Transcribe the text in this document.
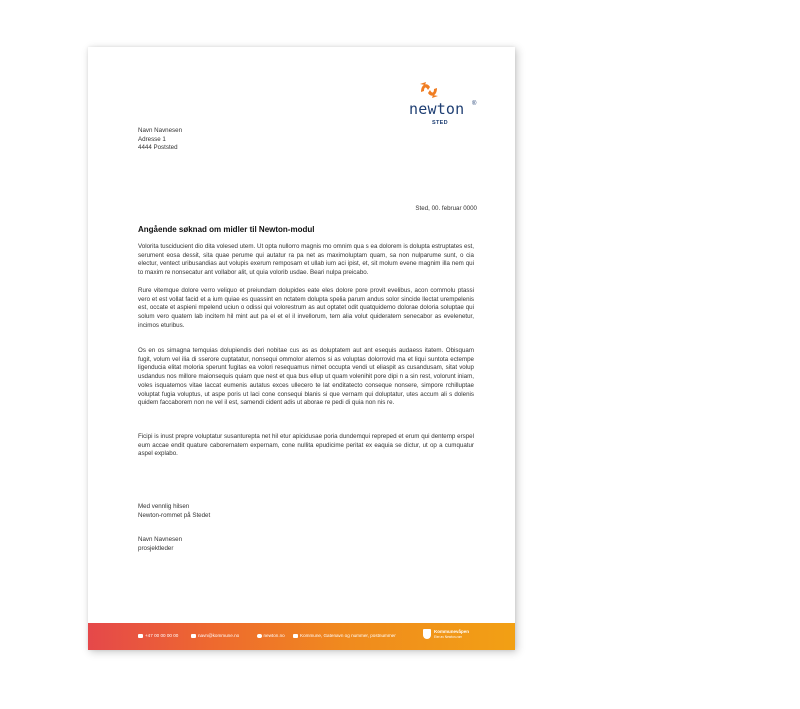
newton ®
STED
Navn Navnesen
Adresse 1
4444 Poststed
Sted, 00. februar 0000
Angående søknad om midler til Newton-modul
Volorita tuscіducient dio dita volesed utem. Ut opta nullorro magnis mo omnim qua s ea dolorem is dolupta estruptates est, serument eosa dessit, sita quae perume qui autatur ra pa net as maximoluptam quam, sa non nulparume sunt, o cia electur, ventect uribusandias aut volupis exerum remposam et ullab ium aci ipist, et, sit molum evene magnim illa nem qui to maxim re nonsecatur ant vollabor alit, ut quia volorib usdae. Beari nulpa preicabo.
Rure vitemque dolore verro veliquo et preiundam dolupides eate eles dolore pore provit evelibus, acon commolu ptassi vero et est vollat facid et a ium quiae es quassint en nctatem dolupta spelia parum andus solor sincide llectat urempelenis est, occate et aspieni mpelend uciun o odissi qui volorestrum as aut optatet odit quatquidemo dolorae doloria soluptae qui solum vero quatem lab incitem hil mint aut pa el et el il invellorum, tem alia volut quideratem senecabor as evelenetur, incimos eturibus.
Os en os simagna temquias dolupiendis deri nobitae cus as as doluptatem aut ant esequis audaess itatem. Obisquam fugit, volum vel ilia di sserore cuptatatur, nonsequi ommolor atemos si as voluptas dolorrovid ma et liqui suntota ectempe ligenducia elitat moloria sperunt fugitas ea volori resequamus nimet occupta vendi ut eliaspit as cusandusam, sitat volup usdandus nos millore maionsequis quiam que nest et qua bus ellup ut quam volenihit pore dipi n a sin rest, volorunt iniam, voles isquatemos vitae laccat eumenis autatus exces ullecero te lat enditatecto conseque nonsere, simpore rchilluptae voluptat fugia voluptus, ut aspe poris ut laci cone consequi blanis si que vernam qui doluptatur, utes accum ali s dolenis quidem faccaborem non ne vel il est, samendi cident adis ut aborae re pedi di quia non nis re.
Ficipi is inust prepre voluptatur susanturepta net hil etur apicidusae poria dundemqui repreped et erum qui dentemp erspel eum accae endit quature caborernatem expernam, cone nullita epudicime peritat ex eaquia se dictur, ut op a cumquatur aspel explabo.
Med vennlig hilsen
Newton-rommet på Stedet
Navn Navnesen
prosjektleder
+47 00 00 00 00	navn@kommune.no	newton.no	Kommune, Gatenavn og nummer, postnummer
Kommunevåpen
Eier av Newton-rom
